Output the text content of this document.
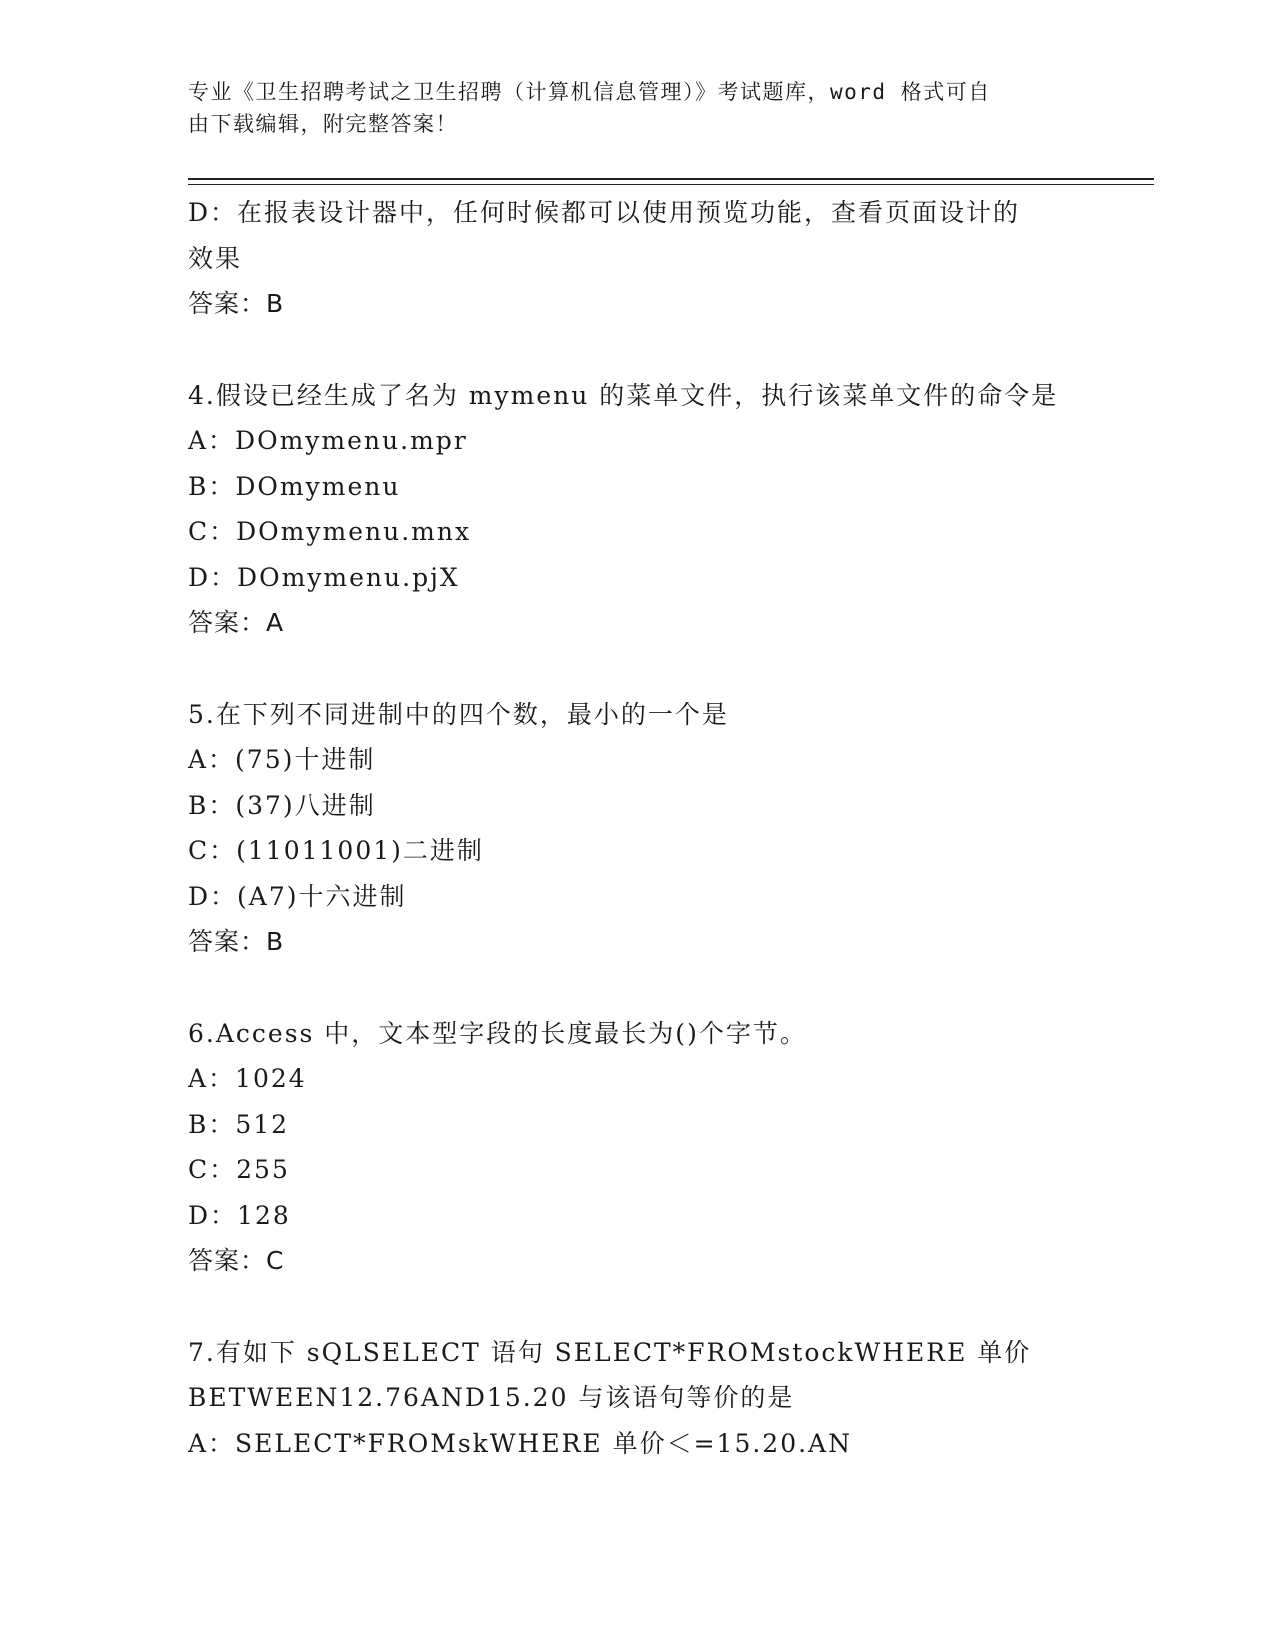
专业《卫生招聘考试之卫生招聘（计算机信息管理）》考试题库，word 格式可自
由下载编辑，附完整答案！
D：在报表设计器中，任何时候都可以使用预览功能，查看页面设计的
效果
答案：B
4.假设已经生成了名为 mymenu 的菜单文件，执行该菜单文件的命令是
A：DOmymenu.mpr
B：DOmymenu
C：DOmymenu.mnx
D：DOmymenu.pjX
答案：A
5.在下列不同进制中的四个数，最小的一个是
A：(75)十进制
B：(37)八进制
C：(11011001)二进制
D：(A7)十六进制
答案：B
6.Access 中，文本型字段的长度最长为()个字节。
A：1024
B：512
C：255
D：128
答案：C
7.有如下 sQLSELECT 语句 SELECT*FROMstockWHERE 单价
BETWEEN12.76AND15.20 与该语句等价的是
A：SELECT*FROMskWHERE 单价＜=15.20.AN
